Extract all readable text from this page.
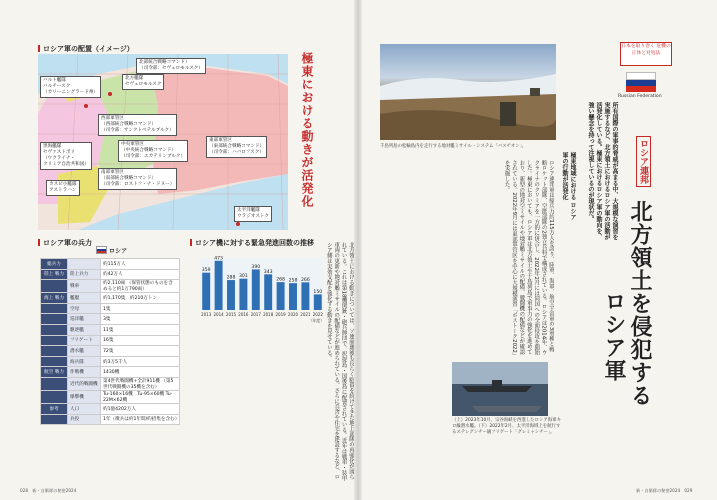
ロシア軍の配置（イメージ）
バルト艦隊
バルチースク
（カリーニングラード州）
北方艦隊
セヴェロモルスク
北部統合戦略コマンド）
（司令部：セヴェロモルスク）
西部軍管区
（西部統合戦略コマンド）
（司令部：サンクトペテルブルク）
中央軍管区
（中央統合戦略コマンド）
（司令部：エカテリンブルク）
南部軍管区
（南部統合戦略コマンド）
（司令部：ロストフ・ナ・ドヌー）
東部軍管区
（東部統合戦略コマンド）
（司令部：ハバロフスク）
黒海艦隊
セヴァストポリ
（ウクライナ・
クリミア自治共和国）
カスピ小艦隊
アストラハン
太平洋艦隊
ウラジオストク
極東における動きが活発化
北方領土における動きについては、ソ連崩壊後も長らく駐留を続けてきた地上部隊の再強化が図られている。これは第18機関銃・砲兵師団で、択捉島・国後島に配置されている。近年は戦車・装甲車両の更新や地対艦ミサイルの配備などが進められている。さらに兵舎や住宅を建設するなど、ロシア側は実効支配を強化する動きを見せている。
ロシア軍の兵力
ロシア
総兵力		約115万人
陸上 戦力	陸上兵力	約42万人
	戦車	約2,110両 （保管状態のものを含めると約1万790両）
海上 戦力	艦艇	約1,170隻　約210万トン
	空母	1隻
	巡洋艦	3隻
	駆逐艦	11隻
	フリゲート	16隻
	潜水艦	72隻
	海兵隊	約3万5千人
航空 戦力	作戦機	1430機
	近代的戦闘機	第4世代戦闘機+全計911機 （第5世代戦闘機の35機を含む）
	爆撃機	Tu-160×16機　Tu-95×60機 Tu-22M×62機
参考	人口	約1億4202万人
	兵役	1年（徴兵は約1年間/約招集を含む）
ロシア機に対する緊急発進回数の推移
359
2013
473
2014
288
2015
301
2016
390
2017
343
2018
268
2019
258
2020
266
2021
150
2022
（年度）
千島列島の松輪島内を走行する地対艦ミサイル・システム「バスチオン」。
日本を取り巻く 危機の正体と対処法
Russian Federation
所有国際の軍事的脅威が高まる中、大規模な演習を実施するなど、北方領土におけるロシア軍の活動が活発化している。極東におけるロシア軍の動向を、強い懸念を持って注視しているのが現状だ。	ロシア連邦
北方領土を侵犯する
ロシア軍
極東地域における ロシア軍の行動が活発化
ロシア連邦軍は総兵力約115万人を誇り、陸軍、海軍、航空宇宙軍の3軍種と戦略ロケット部隊、空挺部隊の2独立兵科で構成されている。ロシアは2014年、ウクライナのクリミアを一方的に併合し、2022年2月には同国への全面侵攻を開始した。極東においても、ロシア軍は北方領土や千島列島で軍事力の強化を進めており、新型の地対空ミサイルや地対艦ミサイルの配備、戦闘機の配備などが確認されている。2022年9月には東部軍管区を中心に大規模演習「ボストーク2022」を実施した。
（上）2023年10月、宗谷海峡を西進したロシア海軍キロ級潜水艦。（下）2022年2月、太平洋海域上を航行するステレグシチー級フリゲート「グレミャシチー」。
028　 新・自衛隊の秘密2024	新・自衛隊の秘密2024　 029
